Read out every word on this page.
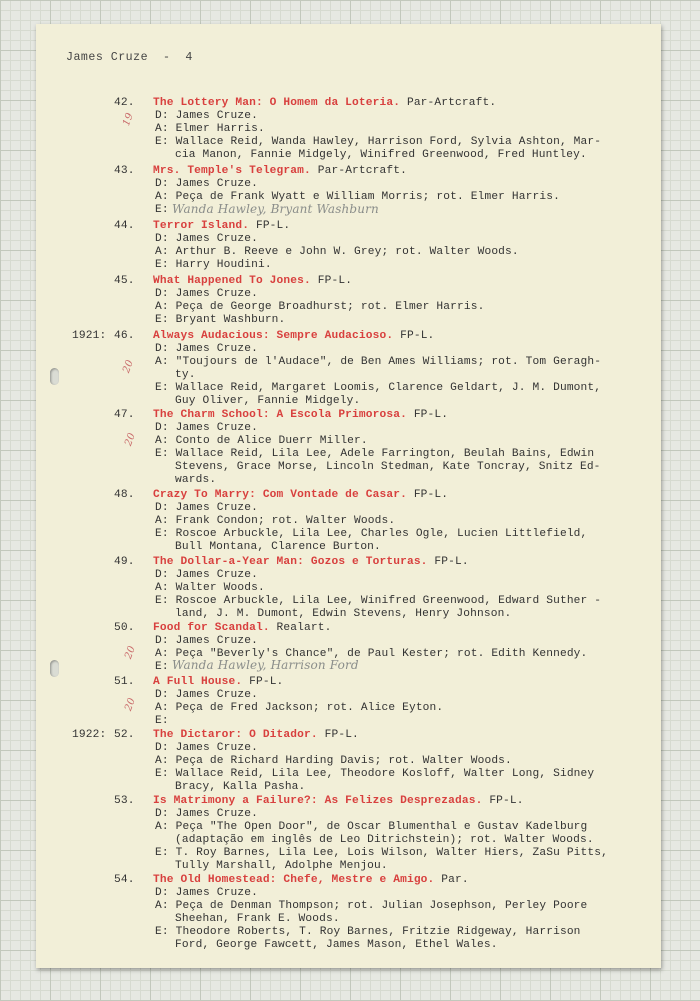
James Cruze  -  4
42. The Lottery Man: O Homem da Loteria. Par-Artcraft.
D: James Cruze.
A: Elmer Harris.
E: Wallace Reid, Wanda Hawley, Harrison Ford, Sylvia Ashton, Mar-
cia Manon, Fannie Midgely, Winifred Greenwood, Fred Huntley.
19
43. Mrs. Temple's Telegram. Par-Artcraft.
D: James Cruze.
A: Peça de Frank Wyatt e William Morris; rot. Elmer Harris.
E: Wanda Hawley, Bryant Washburn
44. Terror Island. FP-L.
D: James Cruze.
A: Arthur B. Reeve e John W. Grey; rot. Walter Woods.
E: Harry Houdini.
45. What Happened To Jones. FP-L.
D: James Cruze.
A: Peça de George Broadhurst; rot. Elmer Harris.
E: Bryant Washburn.
1921: 46. Always Audacious: Sempre Audacioso. FP-L.
D: James Cruze.
A: "Toujours de l'Audace", de Ben Ames Williams; rot. Tom Geragh-
ty.
E: Wallace Reid, Margaret Loomis, Clarence Geldart, J. M. Dumont,
Guy Oliver, Fannie Midgely.
20
47. The Charm School: A Escola Primorosa. FP-L.
D: James Cruze.
A: Conto de Alice Duerr Miller.
E: Wallace Reid, Lila Lee, Adele Farrington, Beulah Bains, Edwin
Stevens, Grace Morse, Lincoln Stedman, Kate Toncray, Snitz Ed-
wards.
20
48. Crazy To Marry: Com Vontade de Casar. FP-L.
D: James Cruze.
A: Frank Condon; rot. Walter Woods.
E: Roscoe Arbuckle, Lila Lee, Charles Ogle, Lucien Littlefield,
Bull Montana, Clarence Burton.
49. The Dollar-a-Year Man: Gozos e Torturas. FP-L.
D: James Cruze.
A: Walter Woods.
E: Roscoe Arbuckle, Lila Lee, Winifred Greenwood, Edward Suther -
land, J. M. Dumont, Edwin Stevens, Henry Johnson.
50. Food for Scandal. Realart.
D: James Cruze.
A: Peça "Beverly's Chance", de Paul Kester; rot. Edith Kennedy.
E: Wanda Hawley, Harrison Ford
20
51. A Full House. FP-L.
D: James Cruze.
A: Peça de Fred Jackson; rot. Alice Eyton.
E:
20
1922: 52. The Dictaror: O Ditador. FP-L.
D: James Cruze.
A: Peça de Richard Harding Davis; rot. Walter Woods.
E: Wallace Reid, Lila Lee, Theodore Kosloff, Walter Long, Sidney
Bracy, Kalla Pasha.
53. Is Matrimony a Failure?: As Felizes Desprezadas. FP-L.
D: James Cruze.
A: Peça "The Open Door", de Oscar Blumenthal e Gustav Kadelburg
(adaptação em inglês de Leo Ditrichstein); rot. Walter Woods.
E: T. Roy Barnes, Lila Lee, Lois Wilson, Walter Hiers, ZaSu Pitts,
Tully Marshall, Adolphe Menjou.
54. The Old Homestead: Chefe, Mestre e Amigo. Par.
D: James Cruze.
A: Peça de Denman Thompson; rot. Julian Josephson, Perley Poore
Sheehan, Frank E. Woods.
E: Theodore Roberts, T. Roy Barnes, Fritzie Ridgeway, Harrison
Ford, George Fawcett, James Mason, Ethel Wales.
